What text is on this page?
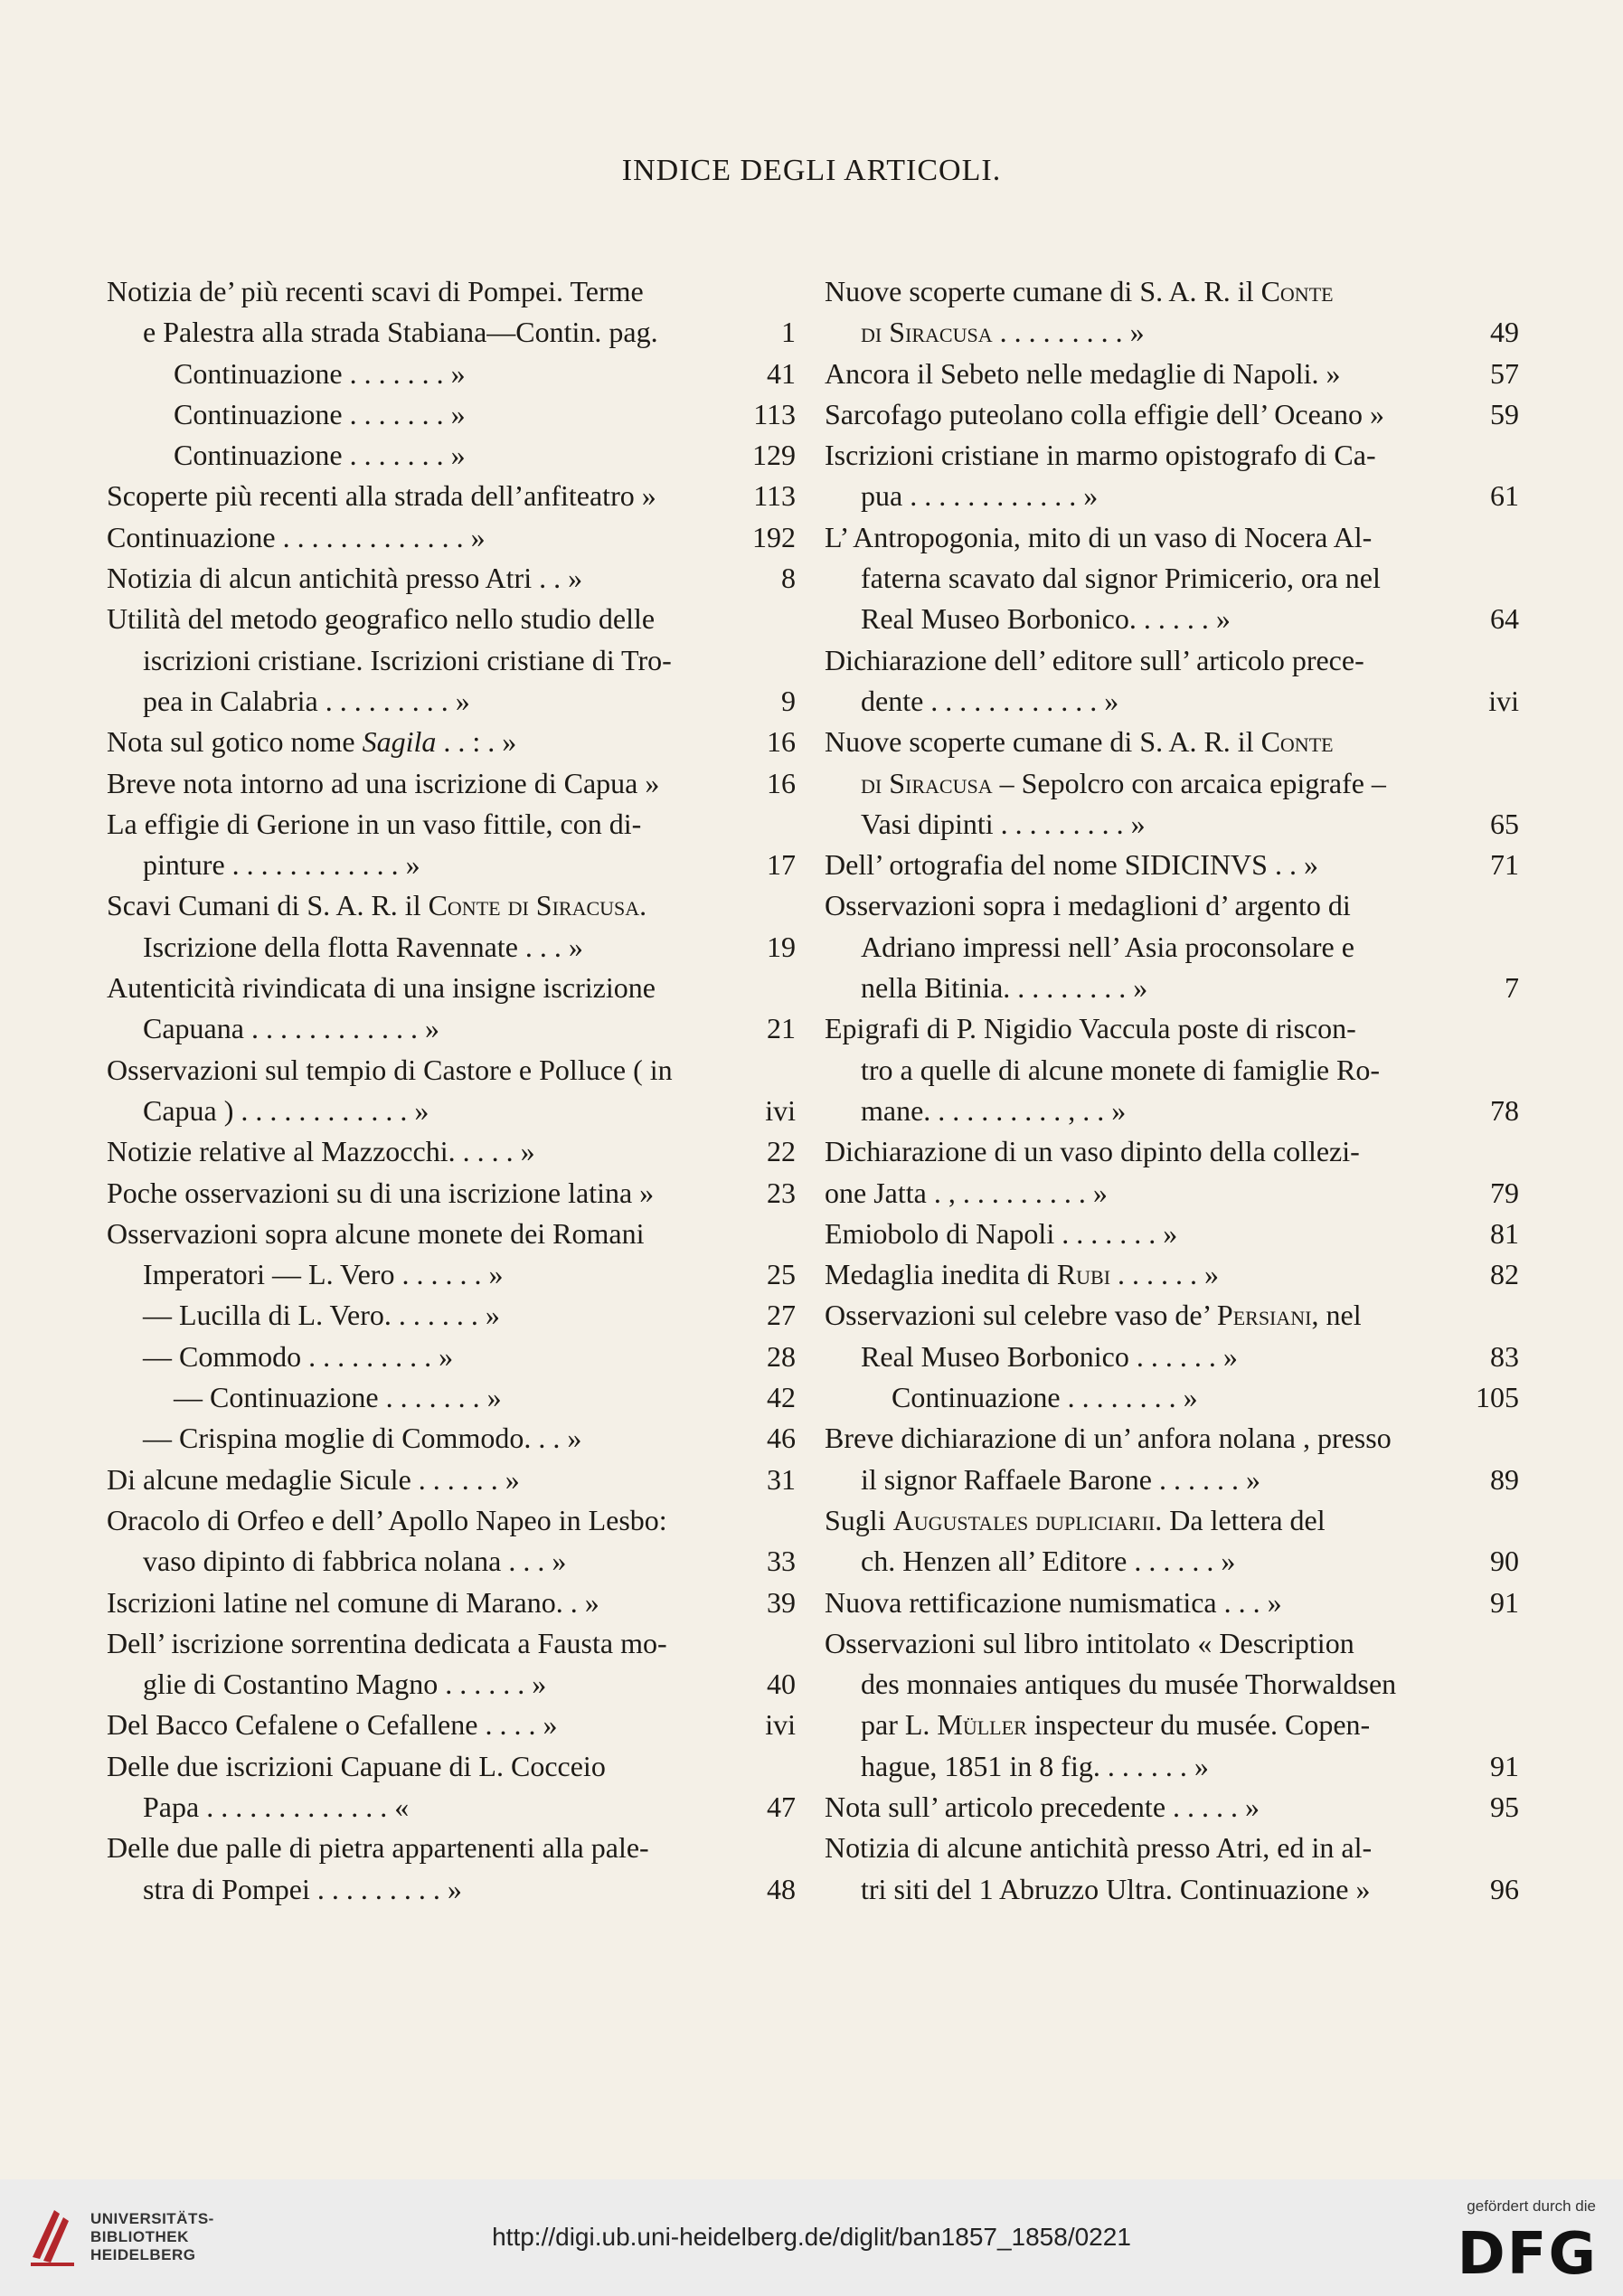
INDICE DEGLI ARTICOLI.
Notizia de’ più recenti scavi di Pompei. Terme
e Palestra alla strada Stabiana—Contin. pag.	1
Continuazione . . . . . . . »	41
Continuazione . . . . . . . »	113
Continuazione . . . . . . . »	129
Scoperte più recenti alla strada dell’anfiteatro »	113
Continuazione . . . . . . . . . . . . . »	192
Notizia di alcun antichità presso Atri . . »	8
Utilità del metodo geografico nello studio delle
iscrizioni cristiane. Iscrizioni cristiane di Tro-
pea in Calabria . . . . . . . . . »	9
Nota sul gotico nome Sagila . . : . »	16
Breve nota intorno ad una iscrizione di Capua »	16
La effigie di Gerione in un vaso fittile, con di-
pinture . . . . . . . . . . . . »	17
Scavi Cumani di S. A. R. il Conte di Siracusa.
Iscrizione della flotta Ravennate . . . »	19
Autenticità rivindicata di una insigne iscrizione
Capuana . . . . . . . . . . . . »	21
Osservazioni sul tempio di Castore e Polluce ( in
Capua ) . . . . . . . . . . . . »	ivi
Notizie relative al Mazzocchi. . . . . »	22
Poche osservazioni su di una iscrizione latina »	23
Osservazioni sopra alcune monete dei Romani
Imperatori — L. Vero . . . . . . »	25
— Lucilla di L. Vero. . . . . . . »	27
— Commodo . . . . . . . . . »	28
— Continuazione . . . . . . . »	42
— Crispina moglie di Commodo. . . »	46
Di alcune medaglie Sicule . . . . . . »	31
Oracolo di Orfeo e dell’ Apollo Napeo in Lesbo:
vaso dipinto di fabbrica nolana . . . »	33
Iscrizioni latine nel comune di Marano. . »	39
Dell’ iscrizione sorrentina dedicata a Fausta mo-
glie di Costantino Magno . . . . . . »	40
Del Bacco Cefalene o Cefallene . . . . »	ivi
Delle due iscrizioni Capuane di L. Cocceio
Papa . . . . . . . . . . . . . «	47
Delle due palle di pietra appartenenti alla pale-
stra di Pompei . . . . . . . . . »	48
Nuove scoperte cumane di S. A. R. il Conte
di Siracusa . . . . . . . . . »	49
Ancora il Sebeto nelle medaglie di Napoli. »	57
Sarcofago puteolano colla effigie dell’ Oceano »	59
Iscrizioni cristiane in marmo opistografo di Ca-
pua . . . . . . . . . . . . »	61
L’ Antropogonia, mito di un vaso di Nocera Al-
faterna scavato dal signor Primicerio, ora nel
Real Museo Borbonico. . . . . . »	64
Dichiarazione dell’ editore sull’ articolo prece-
dente . . . . . . . . . . . . »	ivi
Nuove scoperte cumane di S. A. R. il Conte
di Siracusa – Sepolcro con arcaica epigrafe –
Vasi dipinti . . . . . . . . . »	65
Dell’ ortografia del nome SIDICINVS . . »	71
Osservazioni sopra i medaglioni d’ argento di
Adriano impressi nell’ Asia proconsolare e
nella Bitinia. . . . . . . . . »	7
Epigrafi di P. Nigidio Vaccula poste di riscon-
tro a quelle di alcune monete di famiglie Ro-
mane. . . . . . . . . . , . . »	78
Dichiarazione di un vaso dipinto della collezi-
one Jatta . , . . . . . . . . . »	79
Emiobolo di Napoli . . . . . . . »	81
Medaglia inedita di Rubi . . . . . . »	82
Osservazioni sul celebre vaso de’ Persiani, nel
Real Museo Borbonico . . . . . . »	83
Continuazione . . . . . . . . »	105
Breve dichiarazione di un’ anfora nolana , presso
il signor Raffaele Barone . . . . . . »	89
Sugli Augustales dupliciarii. Da lettera del
ch. Henzen all’ Editore . . . . . . »	90
Nuova rettificazione numismatica . . . »	91
Osservazioni sul libro intitolato « Description
des monnaies antiques du musée Thorwaldsen
par L. Müller inspecteur du musée. Copen-
hague, 1851 in 8 fig. . . . . . . »	91
Nota sull’ articolo precedente . . . . . »	95
Notizia di alcune antichità presso Atri, ed in al-
tri siti del 1 Abruzzo Ultra. Continuazione »	96
UNIVERSITÄTS-
BIBLIOTHEK
HEIDELBERG
http://digi.ub.uni-heidelberg.de/diglit/ban1857_1858/0221
gefördert durch die
DFG
